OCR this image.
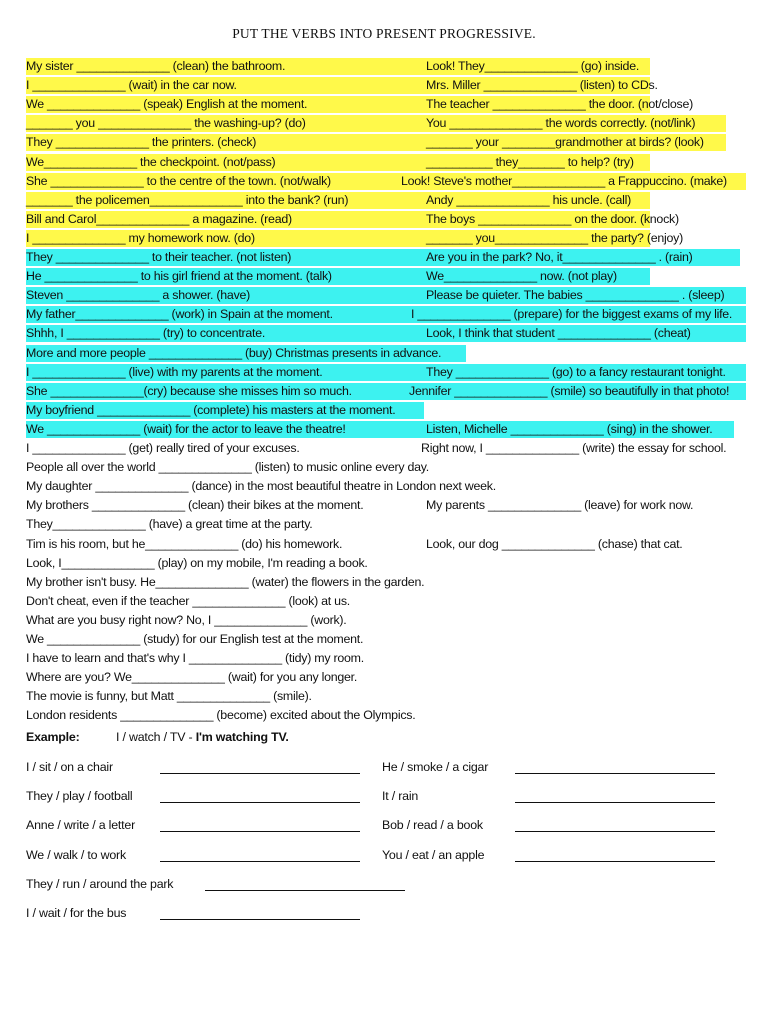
PUT THE VERBS INTO PRESENT PROGRESSIVE.
My sister ______________ (clean) the bathroom.	Look! They______________ (go) inside.
I ______________ (wait) in the car now.	Mrs. Miller ______________ (listen) to CDs.
We ______________ (speak) English at the moment.	The teacher ______________ the door. (not/close)
_______ you ______________ the washing-up? (do)	You ______________ the words correctly. (not/link)
They ______________ the printers. (check)	_______ your ________grandmother at birds? (look)
We______________ the checkpoint. (not/pass)	__________ they_______ to help? (try)
She ______________ to the centre of the town. (not/walk)	Look! Steve's mother______________ a Frappuccino. (make)
_______ the policemen______________ into the bank? (run)	Andy ______________ his uncle. (call)
Bill and Carol______________ a magazine. (read)	The boys ______________ on the door. (knock)
I ______________ my homework now. (do)	_______ you______________ the party? (enjoy)
They ______________ to their teacher. (not listen)	Are you in the park? No, it______________ . (rain)
He ______________ to his girl friend at the moment. (talk)	We______________ now. (not play)
Steven ______________ a shower. (have)	Please be quieter. The babies ______________ . (sleep)
My father______________ (work) in Spain at the moment.	I ______________ (prepare) for the biggest exams of my life.
Shhh, I ______________ (try) to concentrate.	Look, I think that student ______________ (cheat)
More and more people ______________ (buy) Christmas presents in advance.
I ______________ (live) with my parents at the moment.	They ______________ (go) to a fancy restaurant tonight.
She ______________(cry) because she misses him so much.	Jennifer ______________ (smile) so beautifully in that photo!
My boyfriend ______________ (complete) his masters at the moment.
We ______________ (wait) for the actor to leave the theatre!	Listen, Michelle ______________ (sing) in the shower.
I ______________ (get) really tired of your excuses.	Right now, I ______________ (write) the essay for school.
People all over the world ______________ (listen) to music online every day.
My daughter ______________ (dance) in the most beautiful theatre in London next week.
My brothers ______________ (clean) their bikes at the moment.	My parents ______________ (leave) for work now.
They______________ (have) a great time at the party.
Tim is his room, but he______________ (do) his homework.	Look, our dog ______________ (chase) that cat.
Look, I______________ (play) on my mobile, I'm reading a book.
My brother isn't busy. He______________ (water) the flowers in the garden.
Don't cheat, even if the teacher ______________ (look) at us.
What are you busy right now? No, I ______________ (work).
We ______________ (study) for our English test at the moment.
I have to learn and that's why I ______________ (tidy) my room.
Where are you? We______________ (wait) for you any longer.
The movie is funny, but Matt ______________ (smile).
London residents ______________ (become) excited about the Olympics.
Example:	I / watch / TV - I'm watching TV.
I / sit / on a chair	He / smoke / a cigar
They / play / football	It / rain
Anne / write / a letter	Bob / read / a book
We / walk / to work	You / eat / an apple
They / run / around the park
I / wait / for the bus
